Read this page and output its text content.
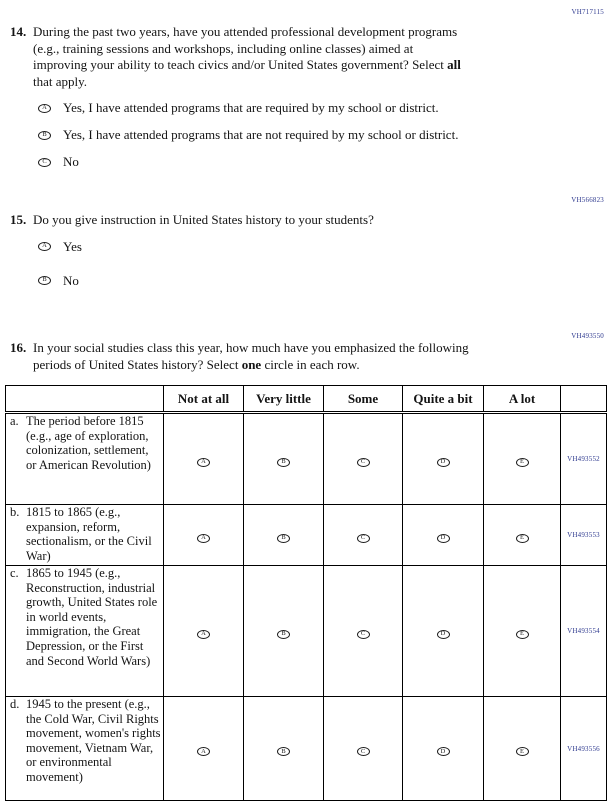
VH717115
14. During the past two years, have you attended professional development programs
(e.g., training sessions and workshops, including online classes) aimed at
improving your ability to teach civics and/or United States government? Select all
that apply.
A Yes, I have attended programs that are required by my school or district.
B Yes, I have attended programs that are not required by my school or district.
C No
VH566823
15. Do you give instruction in United States history to your students?
A Yes
B No
VH493550
16. In your social studies class this year, how much have you emphasized the following
periods of United States history? Select one circle in each row.
	Not at all	Very little	Some	Quite a bit	A lot	

a. The period before 1815 (e.g., age of exploration, colonization, settlement, or American Revolution)	A	B	C	D	E	VH493552

b. 1815 to 1865 (e.g., expansion, reform, sectionalism, or the Civil War)	A	B	C	D	E	VH493553

c. 1865 to 1945 (e.g., Reconstruction, industrial growth, United States role in world events, immigration, the Great Depression, or the First and Second World Wars)	A	B	C	D	E	VH493554

d. 1945 to the present (e.g., the Cold War, Civil Rights movement, women's rights movement, Vietnam War, or environmental movement)	A	B	C	D	E	VH493556
